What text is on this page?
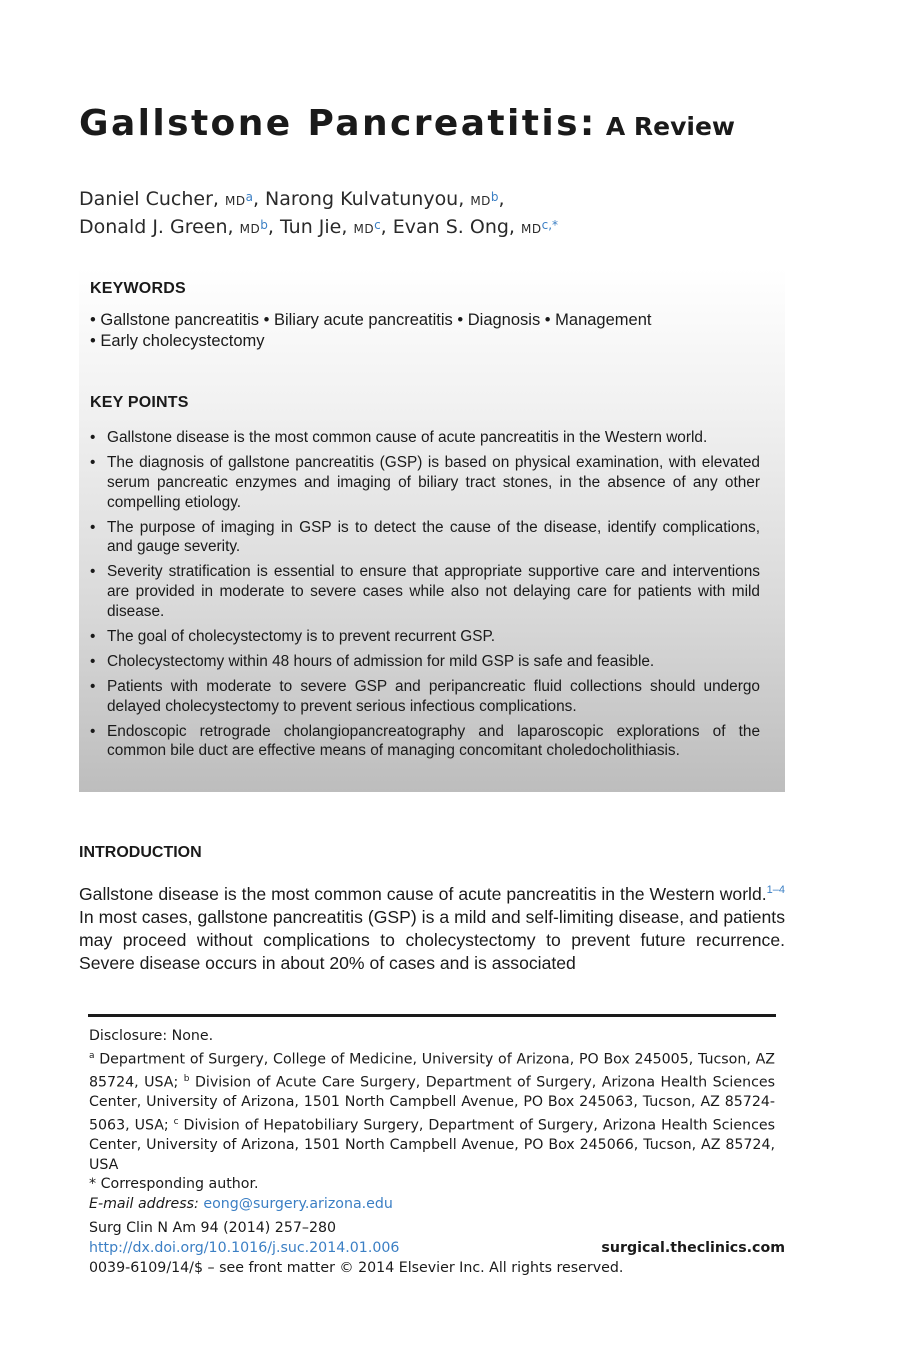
Gallstone Pancreatitis: A Review
Daniel Cucher, $MD^a$, Narong Kulvatunyou, $MD^b$,
Donald J. Green, $MD^b$, Tun Jie, $MD^c$, Evan S. Ong, $MD^{c,*}$
KEYWORDS
• Gallstone pancreatitis • Biliary acute pancreatitis • Diagnosis • Management
• Early cholecystectomy
KEY POINTS
• Gallstone disease is the most common cause of acute pancreatitis in the Western world.
• The diagnosis of gallstone pancreatitis (GSP) is based on physical examination, with elevated serum pancreatic enzymes and imaging of biliary tract stones, in the absence of any other compelling etiology.
• The purpose of imaging in GSP is to detect the cause of the disease, identify complications, and gauge severity.
• Severity stratification is essential to ensure that appropriate supportive care and interventions are provided in moderate to severe cases while also not delaying care for patients with mild disease.
• The goal of cholecystectomy is to prevent recurrent GSP.
• Cholecystectomy within 48 hours of admission for mild GSP is safe and feasible.
• Patients with moderate to severe GSP and peripancreatic fluid collections should undergo delayed cholecystectomy to prevent serious infectious complications.
• Endoscopic retrograde cholangiopancreatography and laparoscopic explorations of the common bile duct are effective means of managing concomitant choledocholithiasis.
INTRODUCTION

Gallstone disease is the most common cause of acute pancreatitis in the Western world.$^{1-4}$ In most cases, gallstone pancreatitis (GSP) is a mild and self-limiting disease, and patients may proceed without complications to cholecystectomy to prevent future recurrence. Severe disease occurs in about 20% of cases and is associated

Disclosure: None.

$^a$ Department of Surgery, College of Medicine, University of Arizona, PO Box 245005, Tucson, AZ 85724, USA; $^b$ Division of Acute Care Surgery, Department of Surgery, Arizona Health Sciences Center, University of Arizona, 1501 North Campbell Avenue, PO Box 245063, Tucson, AZ 85724-5063, USA; $^c$ Division of Hepatobiliary Surgery, Department of Surgery, Arizona Health Sciences Center, University of Arizona, 1501 North Campbell Avenue, PO Box 245066, Tucson, AZ 85724, USA

* Corresponding author.

E-mail address: eong@surgery.arizona.edu

Surg Clin N Am 94 (2014) 257–280
http://dx.doi.org/10.1016/j.suc.2014.01.006	surgical.theclinics.com
0039-6109/14/$ – see front matter © 2014 Elsevier Inc. All rights reserved.
